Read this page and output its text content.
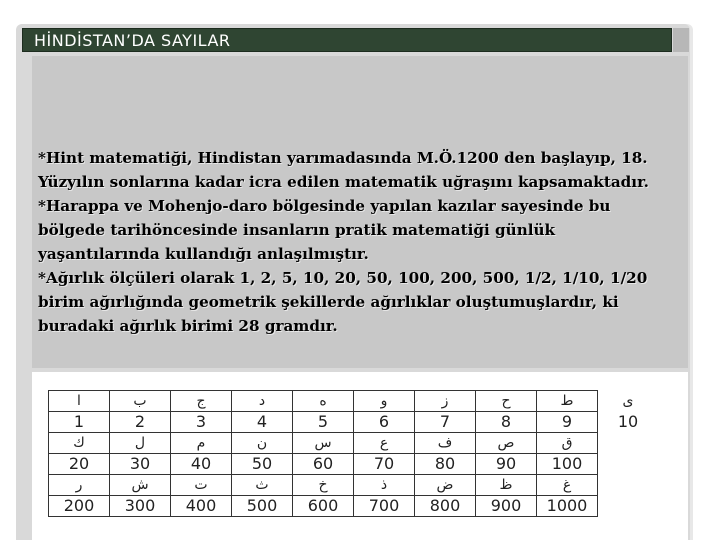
HİNDİSTAN’DA SAYILAR
*Hint matematiği, Hindistan yarımadasında M.Ö.1200 den başlayıp, 18.
Yüzyılın sonlarına kadar icra edilen matematik uğraşını kapsamaktadır.
*Harappa ve Mohenjo-daro bölgesinde yapılan kazılar sayesinde bu
bölgede tarihöncesinde insanların pratik matematiği günlük
yaşantılarında kullandığı anlaşılmıştır.
*Ağırlık ölçüleri olarak 1, 2, 5, 10, 20, 50, 100, 200, 500, 1/2, 1/10, 1/20
birim ağırlığında geometrik şekillerde ağırlıklar oluştumuşlardır, ki
buradaki ağırlık birimi 28 gramdır.
ا	ب	ج	د	ه	و	ز	ح	ط	ى
1	2	3	4	5	6	7	8	9	10
ك	ل	م	ن	س	ع	ف	ص	ق	
20	30	40	50	60	70	80	90	100	
ر	ش	ت	ث	خ	ذ	ض	ظ	غ	
200	300	400	500	600	700	800	900	1000	
